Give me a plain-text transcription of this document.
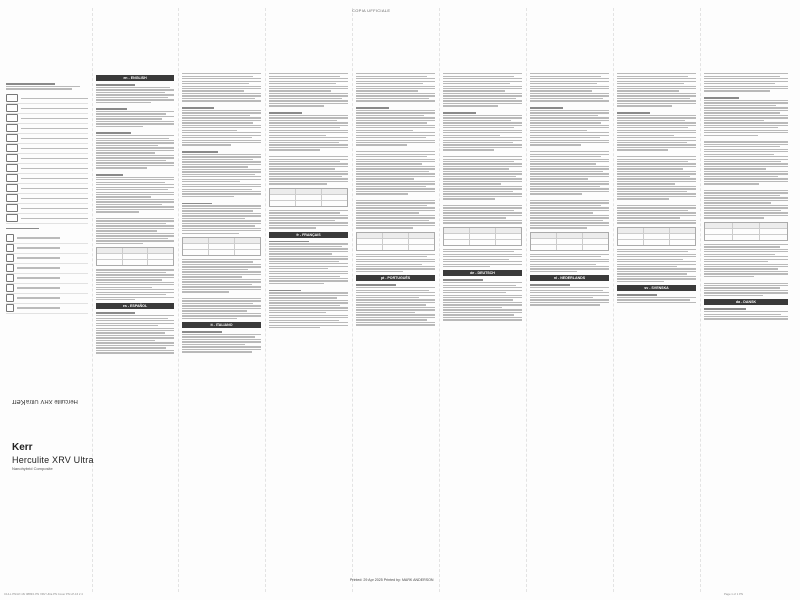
COPIA UFFICIALE
Kerr Herculite XRV Ultra
Kerr
Herculite XRV Ultra
Nanohybrid Composite
en - ENGLISH
es - ESPAÑOL
it - ITALIANO
fr - FRANÇAIS
pt - PORTUGUÊS
de - DEUTSCH
nl - NEDERLANDS
sv - SVENSKA
da - DANSK
Printed: 29 Apr 2025 Printed by: MARK ANDERSON
C14-L PN/LP-16/ 0883/1 PN XRV Ultra PN Cover PN LP-16 2 4	Page 1 of 1 PN
